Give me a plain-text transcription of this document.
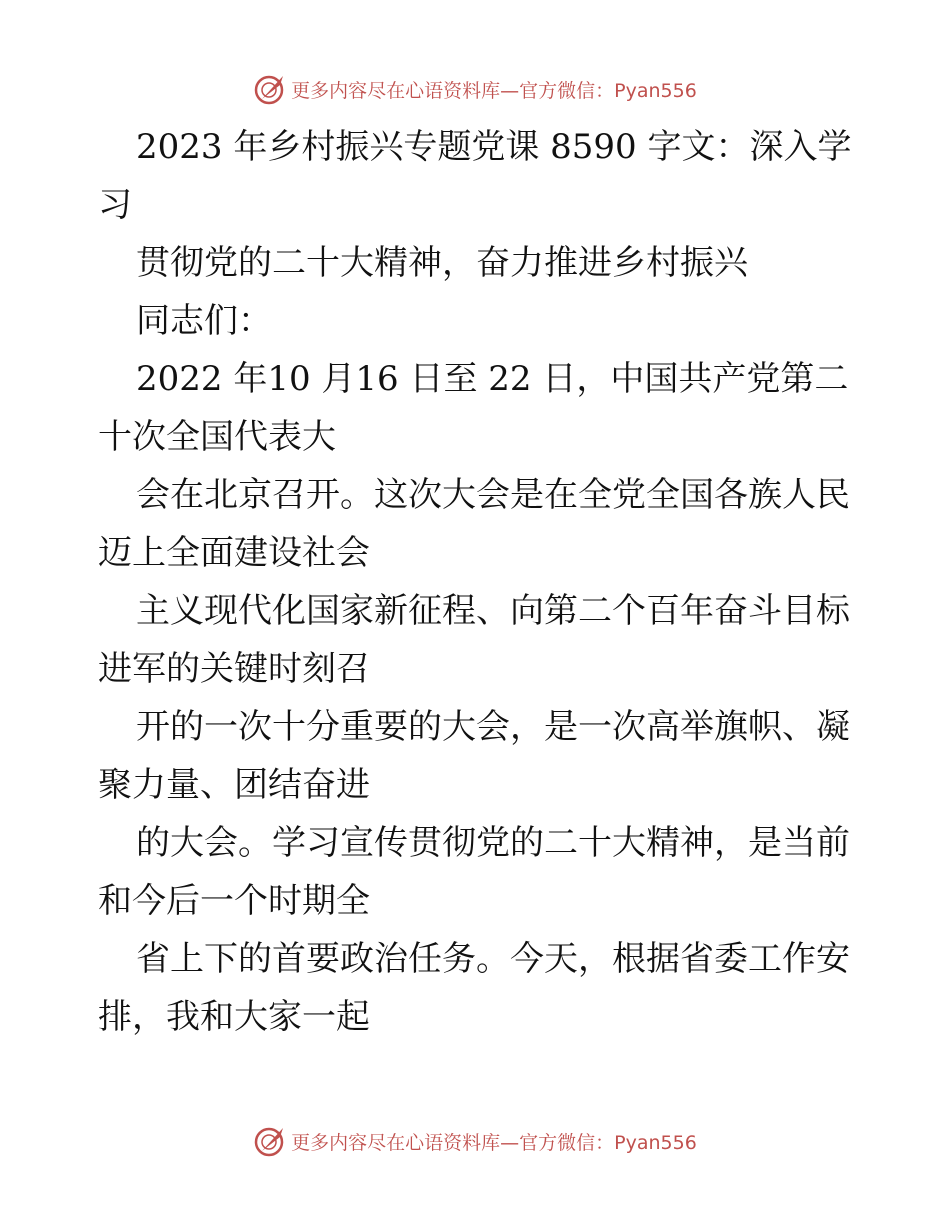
更多内容尽在心语资料库—官方微信：Pyan556

2023 年乡村振兴专题党课 8590 字文：深入学

习

贯彻党的二十大精神，奋力推进乡村振兴

同志们：

2022 年10 月16 日至 22 日，中国共产党第二

十次全国代表大

会在北京召开。这次大会是在全党全国各族人民

迈上全面建设社会

主义现代化国家新征程、向第二个百年奋斗目标

进军的关键时刻召

开的一次十分重要的大会，是一次高举旗帜、凝

聚力量、团结奋进

的大会。学习宣传贯彻党的二十大精神，是当前

和今后一个时期全

省上下的首要政治任务。今天，根据省委工作安

排，我和大家一起

更多内容尽在心语资料库—官方微信：Pyan556
